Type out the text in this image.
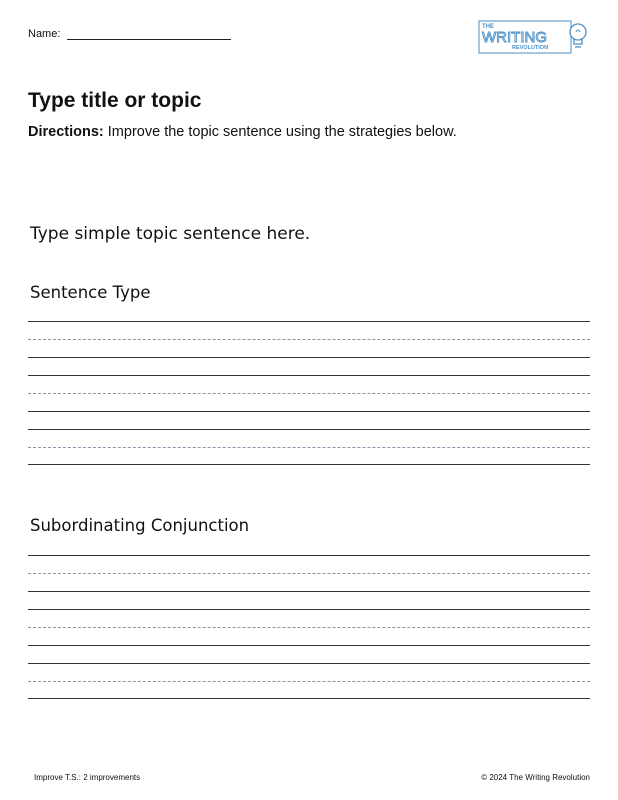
Name:
THE
WRITING
REVOLUTION
Type title or topic
Directions: Improve the topic sentence using the strategies below.
Type simple topic sentence here.
Sentence Type
Subordinating Conjunction
Improve T.S.: 2 improvements	© 2024 The Writing Revolution
